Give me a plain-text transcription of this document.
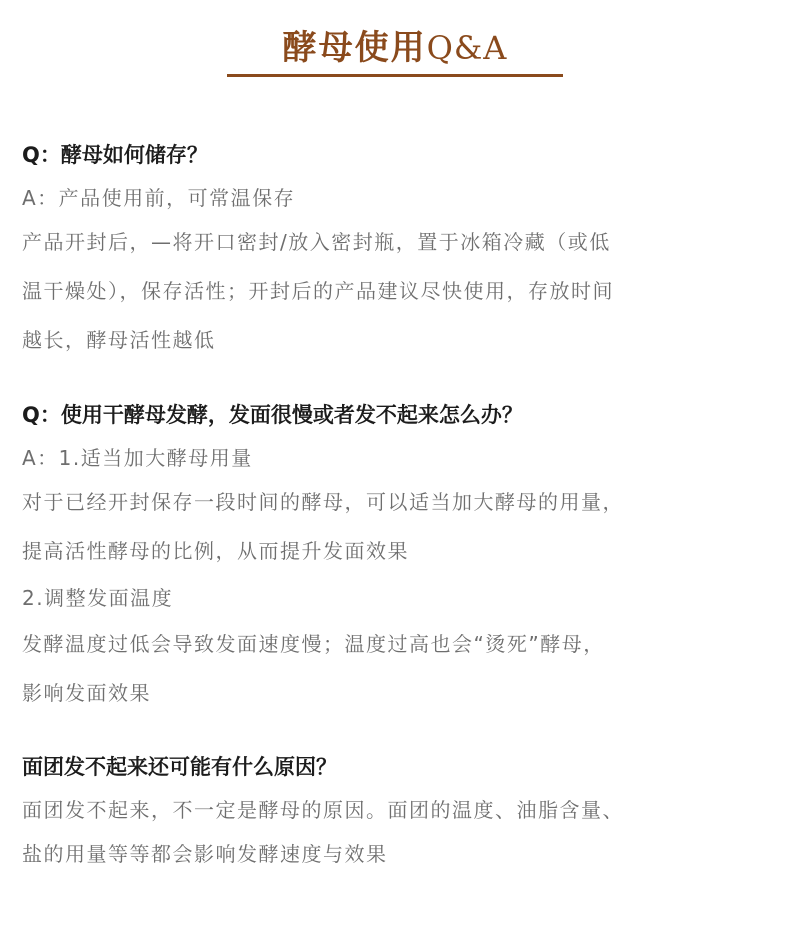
酵母使用Q&A

Q：酵母如何储存？

A：产品使用前，可常温保存

产品开封后，—将开口密封/放入密封瓶，置于冰箱冷藏（或低

温干燥处），保存活性；开封后的产品建议尽快使用，存放时间

越长，酵母活性越低

Q：使用干酵母发酵，发面很慢或者发不起来怎么办？

A：1.适当加大酵母用量

对于已经开封保存一段时间的酵母，可以适当加大酵母的用量，

提高活性酵母的比例，从而提升发面效果

2.调整发面温度

发酵温度过低会导致发面速度慢；温度过高也会“烫死”酵母，

影响发面效果

面团发不起来还可能有什么原因？

面团发不起来，不一定是酵母的原因。面团的温度、油脂含量、

盐的用量等等都会影响发酵速度与效果
